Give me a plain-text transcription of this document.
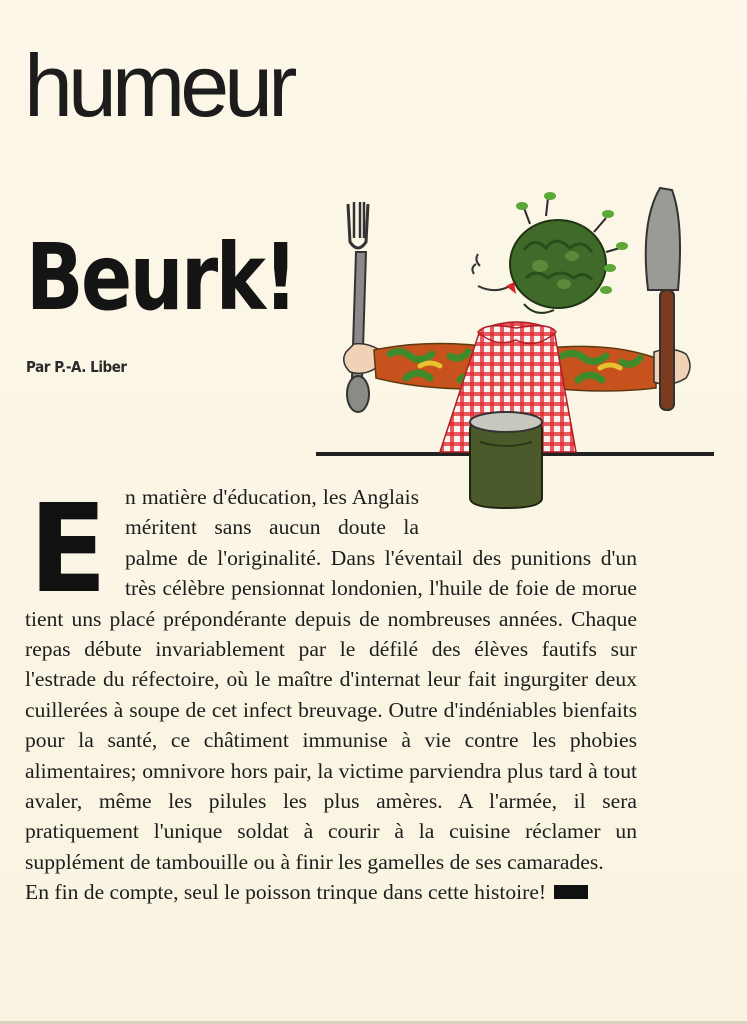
humeur
Beurk!
Par P.-A. Liber
E n matière d'éducation, les Anglais méritent sans aucun doute la palme de l'originalité. Dans l'éventail des punitions d'un très célèbre pensionnat londonien, l'huile de foie de morue tient uns placé prépondérante depuis de nombreuses années. Chaque repas débute invariablement par le défilé des élèves fautifs sur l'estrade du réfectoire, où le maître d'internat leur fait ingurgiter deux cuillerées à soupe de cet infect breuvage. Outre d'indéniables bienfaits pour la santé, ce châtiment immunise à vie contre les phobies alimentaires; omnivore hors pair, la victime parviendra plus tard à tout avaler, même les pilules les plus amères. A l'armée, il sera pratiquement l'unique soldat à courir à la cuisine réclamer un supplément de tambouille ou à finir les gamelles de ses camarades.

En fin de compte, seul le poisson trinque dans cette histoire!
